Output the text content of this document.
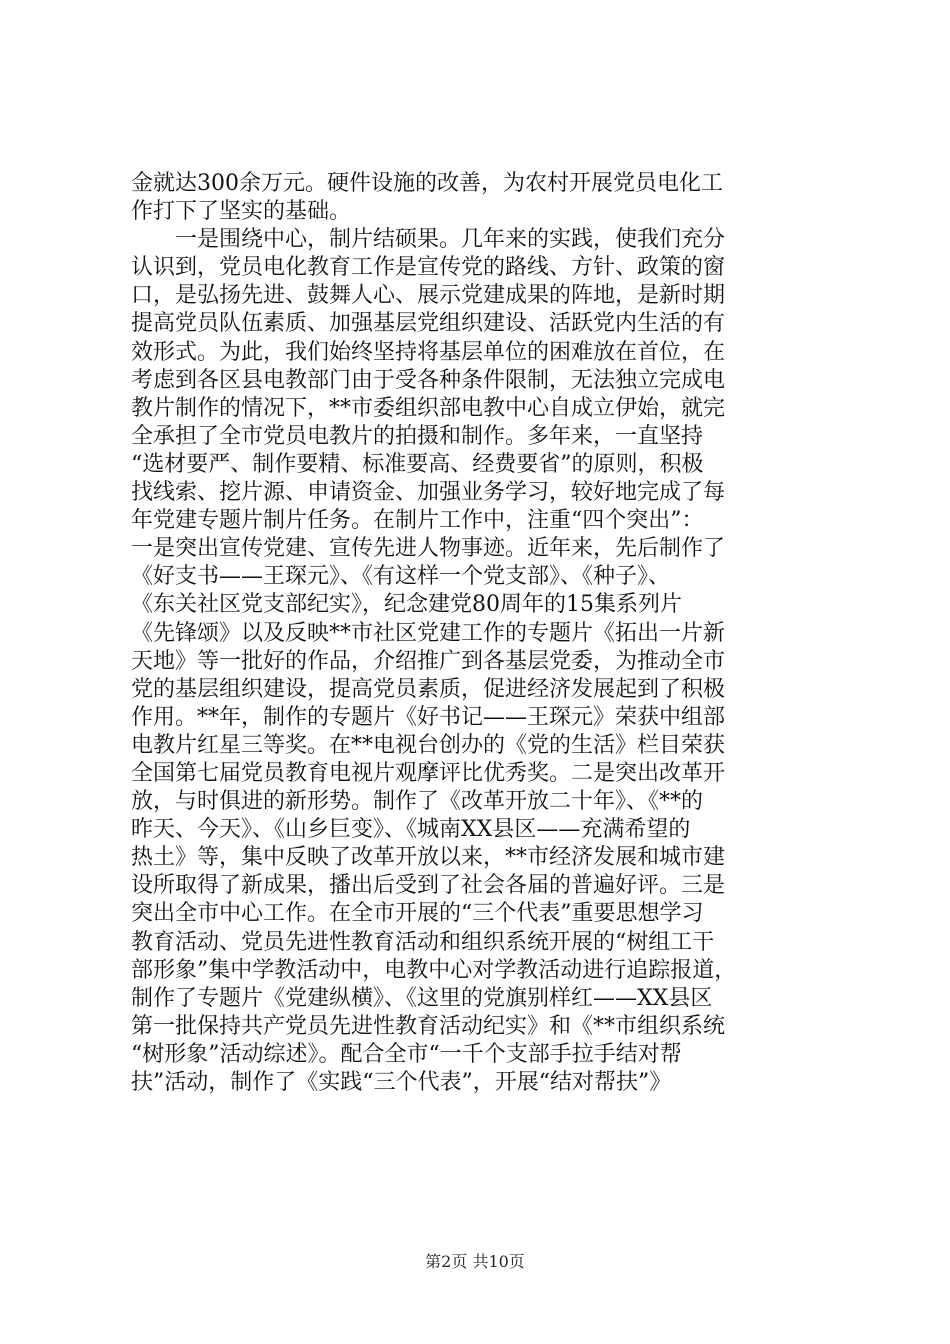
金就达300余万元。硬件设施的改善，为农村开展党员电化工
作打下了坚实的基础。
　　一是围绕中心，制片结硕果。几年来的实践，使我们充分
认识到，党员电化教育工作是宣传党的路线、方针、政策的窗
口，是弘扬先进、鼓舞人心、展示党建成果的阵地，是新时期
提高党员队伍素质、加强基层党组织建设、活跃党内生活的有
效形式。为此，我们始终坚持将基层单位的困难放在首位，在
考虑到各区县电教部门由于受各种条件限制，无法独立完成电
教片制作的情况下，**市委组织部电教中心自成立伊始，就完
全承担了全市党员电教片的拍摄和制作。多年来，一直坚持
“选材要严、制作要精、标准要高、经费要省”的原则，积极
找线索、挖片源、申请资金、加强业务学习，较好地完成了每
年党建专题片制片任务。在制片工作中，注重“四个突出”：
一是突出宣传党建、宣传先进人物事迹。近年来，先后制作了
《好支书——王琛元》、《有这样一个党支部》、《种子》、
《东关社区党支部纪实》，纪念建党80周年的15集系列片
《先锋颂》以及反映**市社区党建工作的专题片《拓出一片新
天地》等一批好的作品，介绍推广到各基层党委，为推动全市
党的基层组织建设，提高党员素质，促进经济发展起到了积极
作用。**年，制作的专题片《好书记——王琛元》荣获中组部
电教片红星三等奖。在**电视台创办的《党的生活》栏目荣获
全国第七届党员教育电视片观摩评比优秀奖。二是突出改革开
放，与时俱进的新形势。制作了《改革开放二十年》、《**的
昨天、今天》、《山乡巨变》、《城南XX县区——充满希望的
热土》等，集中反映了改革开放以来，**市经济发展和城市建
设所取得了新成果，播出后受到了社会各届的普遍好评。三是
突出全市中心工作。在全市开展的“三个代表”重要思想学习
教育活动、党员先进性教育活动和组织系统开展的“树组工干
部形象”集中学教活动中，电教中心对学教活动进行追踪报道，
制作了专题片《党建纵横》、《这里的党旗别样红——XX县区
第一批保持共产党员先进性教育活动纪实》和《**市组织系统
“树形象”活动综述》。配合全市“一千个支部手拉手结对帮
扶”活动，制作了《实践“三个代表”，开展“结对帮扶”》
第2页 共10页
